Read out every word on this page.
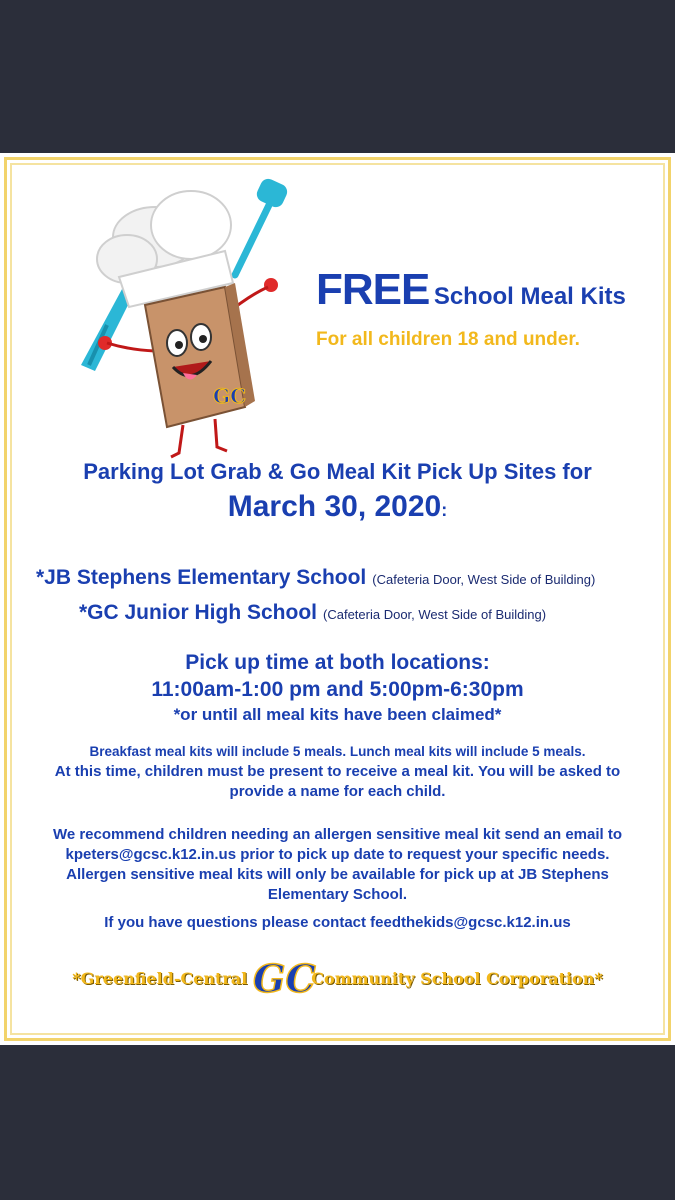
GC
FREE School Meal Kits
For all children 18 and under.
Parking Lot Grab & Go Meal Kit Pick Up Sites for
March 30, 2020:
*JB Stephens Elementary School (Cafeteria Door, West Side of Building)
*GC Junior High School (Cafeteria Door, West Side of Building)
Pick up time at both locations:
11:00am-1:00 pm and 5:00pm-6:30pm
*or until all meal kits have been claimed*
Breakfast meal kits will include 5 meals. Lunch meal kits will include 5 meals.
At this time, children must be present to receive a meal kit. You will be asked to
provide a name for each child.
We recommend children needing an allergen sensitive meal kit send an email to
kpeters@gcsc.k12.in.us prior to pick up date to request your specific needs.
Allergen sensitive meal kits will only be available for pick up at JB Stephens
Elementary School.
If you have questions please contact feedthekids@gcsc.k12.in.us
*Greenfield-Central GC
Community School Corporation*
